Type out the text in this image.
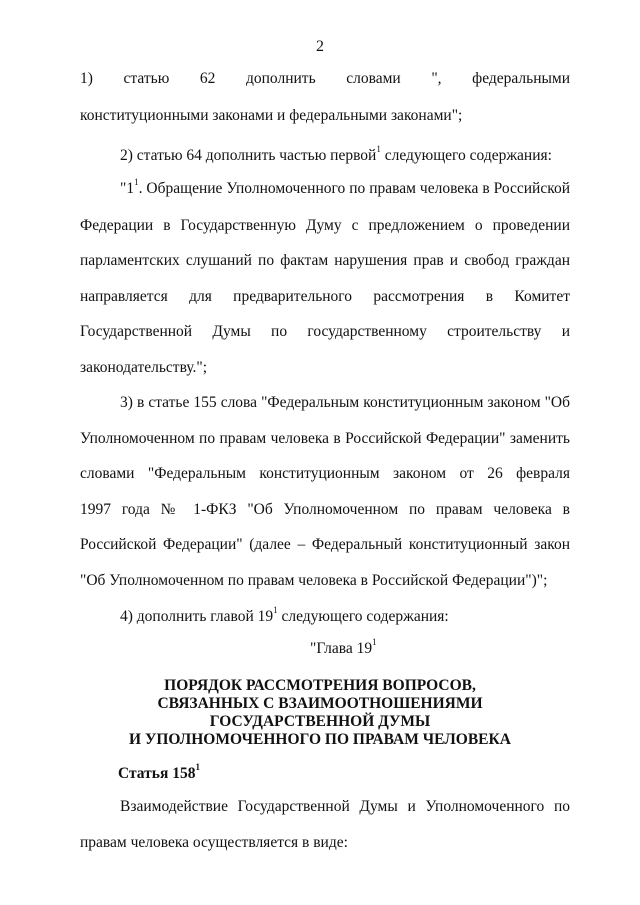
2
1) статью 62 дополнить словами ", федеральными
конституционными законами и федеральными законами";
2) статью 64 дополнить частью первой$^1$ следующего содержания:
"$1^1$. Обращение Уполномоченного по правам человека в Российской
Федерации в Государственную Думу с предложением о проведении
парламентских слушаний по фактам нарушения прав и свобод граждан
направляется для предварительного рассмотрения в Комитет
Государственной Думы по государственному строительству и
законодательству.";
3) в статье 155 слова "Федеральным конституционным законом "Об
Уполномоченном по правам человека в Российской Федерации" заменить
словами "Федеральным конституционным законом от 26 февраля
1997 года № 1-ФКЗ "Об Уполномоченном по правам человека в
Российской Федерации" (далее – Федеральный конституционный закон
"Об Уполномоченном по правам человека в Российской Федерации")";
4) дополнить главой $19^1$ следующего содержания:
"Глава $19^1$
ПОРЯДОК РАССМОТРЕНИЯ ВОПРОСОВ,
СВЯЗАННЫХ С ВЗАИМООТНОШЕНИЯМИ
ГОСУДАРСТВЕННОЙ ДУМЫ
И УПОЛНОМОЧЕННОГО ПО ПРАВАМ ЧЕЛОВЕКА
Статья $158^1$
Взаимодействие Государственной Думы и Уполномоченного по
правам человека осуществляется в виде:
